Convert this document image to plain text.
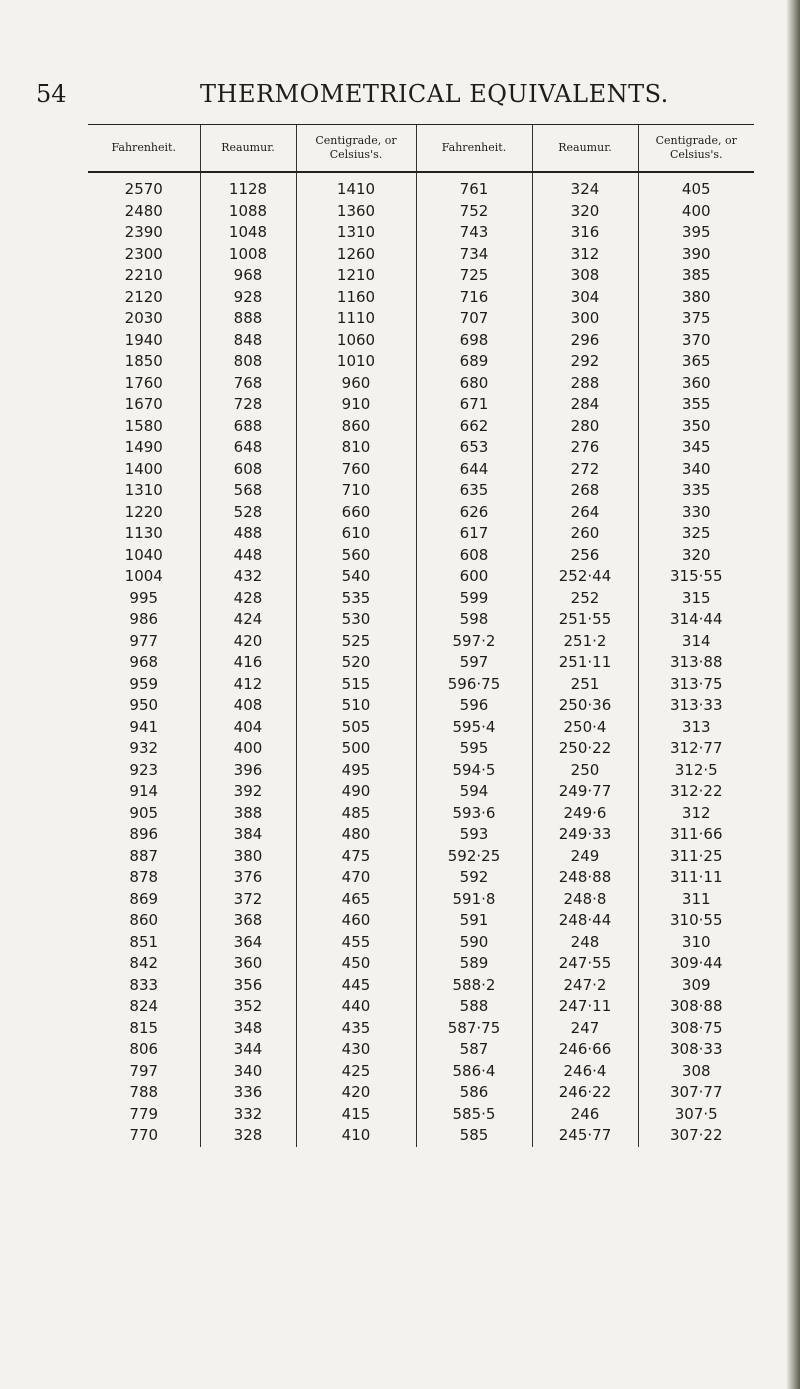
54	THERMOMETRICAL EQUIVALENTS.
Fahrenheit.	Reaumur.	Centigrade, or Celsius's.	Fahrenheit.	Reaumur.	Centigrade, or Celsius's.
2570	1128	1410	761	324	405
2480	1088	1360	752	320	400
2390	1048	1310	743	316	395
2300	1008	1260	734	312	390
2210	968	1210	725	308	385
2120	928	1160	716	304	380
2030	888	1110	707	300	375
1940	848	1060	698	296	370
1850	808	1010	689	292	365
1760	768	960	680	288	360
1670	728	910	671	284	355
1580	688	860	662	280	350
1490	648	810	653	276	345
1400	608	760	644	272	340
1310	568	710	635	268	335
1220	528	660	626	264	330
1130	488	610	617	260	325
1040	448	560	608	256	320
1004	432	540	600	252·44	315·55
995	428	535	599	252	315
986	424	530	598	251·55	314·44
977	420	525	597·2	251·2	314
968	416	520	597	251·11	313·88
959	412	515	596·75	251	313·75
950	408	510	596	250·36	313·33
941	404	505	595·4	250·4	313
932	400	500	595	250·22	312·77
923	396	495	594·5	250	312·5
914	392	490	594	249·77	312·22
905	388	485	593·6	249·6	312
896	384	480	593	249·33	311·66
887	380	475	592·25	249	311·25
878	376	470	592	248·88	311·11
869	372	465	591·8	248·8	311
860	368	460	591	248·44	310·55
851	364	455	590	248	310
842	360	450	589	247·55	309·44
833	356	445	588·2	247·2	309
824	352	440	588	247·11	308·88
815	348	435	587·75	247	308·75
806	344	430	587	246·66	308·33
797	340	425	586·4	246·4	308
788	336	420	586	246·22	307·77
779	332	415	585·5	246	307·5
770	328	410	585	245·77	307·22
